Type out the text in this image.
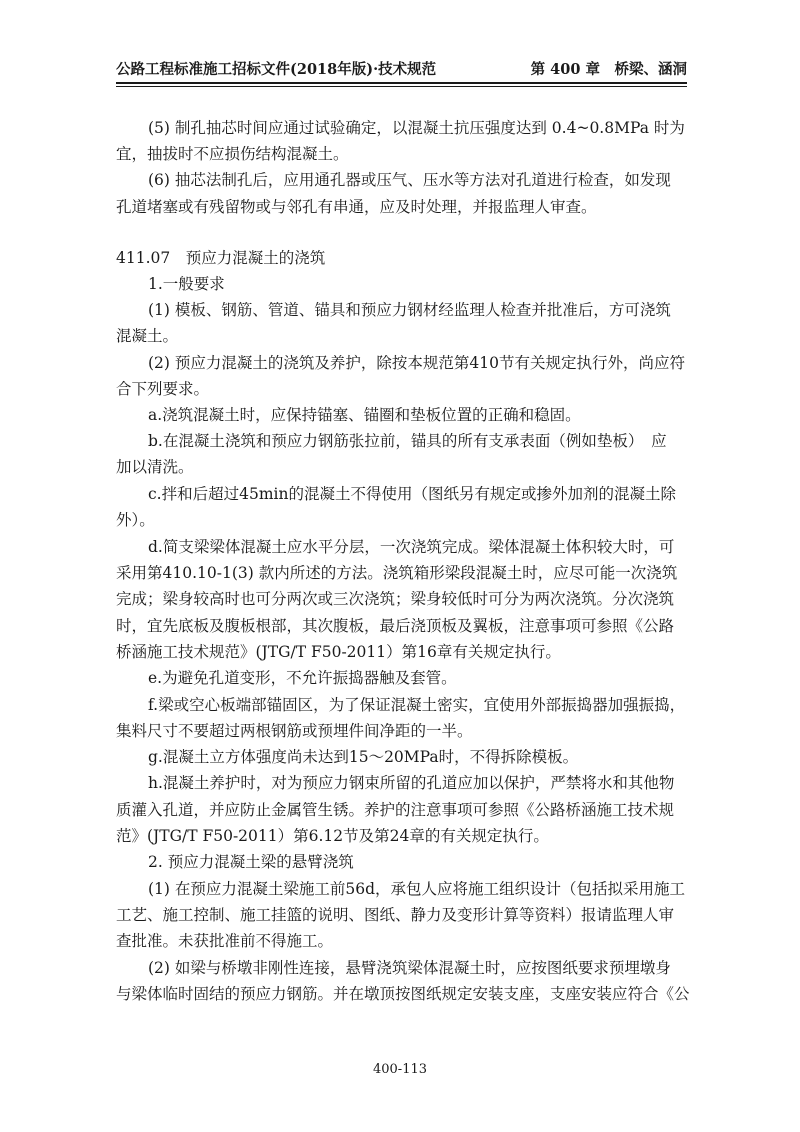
公路工程标准施工招标文件(2018年版)·技术规范	第 400 章　桥梁、涵洞
(5) 制孔抽芯时间应通过试验确定，以混凝土抗压强度达到 0.4~0.8MPa 时为
宜，抽拔时不应损伤结构混凝土。
(6) 抽芯法制孔后，应用通孔器或压气、压水等方法对孔道进行检查，如发现
孔道堵塞或有残留物或与邻孔有串通，应及时处理，并报监理人审查。
411.07　预应力混凝土的浇筑
1.一般要求
(1) 模板、钢筋、管道、锚具和预应力钢材经监理人检查并批准后，方可浇筑
混凝土。
(2) 预应力混凝土的浇筑及养护，除按本规范第410节有关规定执行外，尚应符
合下列要求。
a.浇筑混凝土时，应保持锚塞、锚圈和垫板位置的正确和稳固。
b.在混凝土浇筑和预应力钢筋张拉前，锚具的所有支承表面（例如垫板）　应
加以清洗。
c.拌和后超过45min的混凝土不得使用（图纸另有规定或掺外加剂的混凝土除
外）。
d.简支梁梁体混凝土应水平分层，一次浇筑完成。梁体混凝土体积较大时，可
采用第410.10-1(3) 款内所述的方法。浇筑箱形梁段混凝土时，应尽可能一次浇筑
完成；梁身较高时也可分两次或三次浇筑；梁身较低时可分为两次浇筑。分次浇筑
时，宜先底板及腹板根部，其次腹板，最后浇顶板及翼板，注意事项可参照《公路
桥涵施工技术规范》(JTG/T F50-2011）第16章有关规定执行。
e.为避免孔道变形，不允许振捣器触及套管。
f.梁或空心板端部锚固区，为了保证混凝土密实，宜使用外部振捣器加强振捣，
集料尺寸不要超过两根钢筋或预埋件间净距的一半。
g.混凝土立方体强度尚未达到15～20MPa时，不得拆除模板。
h.混凝土养护时，对为预应力钢束所留的孔道应加以保护，严禁将水和其他物
质灌入孔道，并应防止金属管生锈。养护的注意事项可参照《公路桥涵施工技术规
范》(JTG/T F50-2011）第6.12节及第24章的有关规定执行。
2. 预应力混凝土梁的悬臂浇筑
(1) 在预应力混凝土梁施工前56d，承包人应将施工组织设计（包括拟采用施工
工艺、施工控制、施工挂篮的说明、图纸、静力及变形计算等资料）报请监理人审
查批准。未获批准前不得施工。
(2) 如梁与桥墩非刚性连接，悬臂浇筑梁体混凝土时，应按图纸要求预埋墩身
与梁体临时固结的预应力钢筋。并在墩顶按图纸规定安装支座，支座安装应符合《公
400-113
